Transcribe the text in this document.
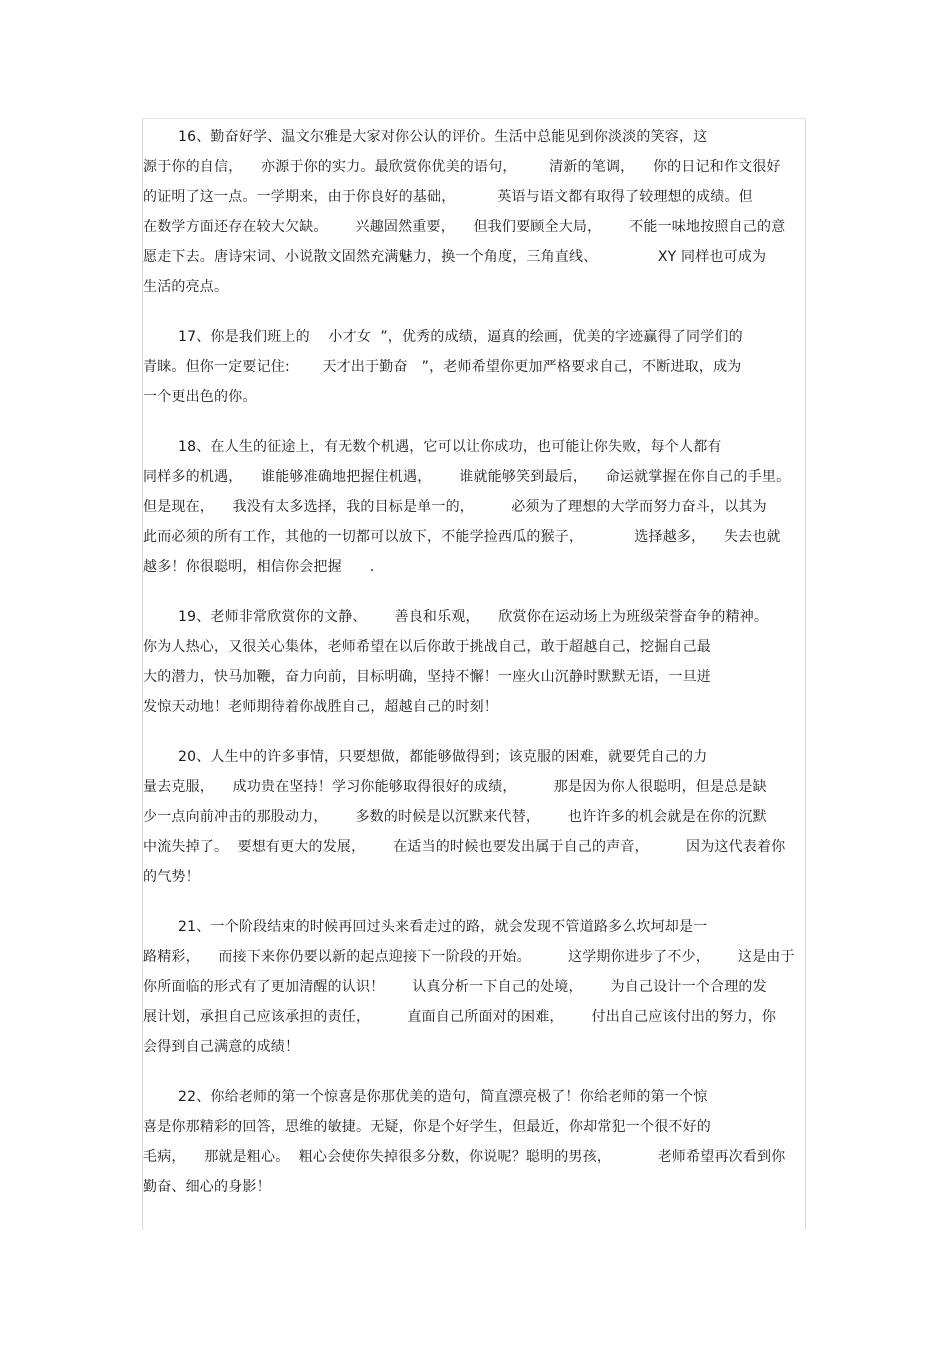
16、勤奋好学、温文尔雅是大家对你公认的评价。生活中总能见到你淡淡的笑容，这
源于你的自信，    亦源于你的实力。最欣赏你优美的语句，       清新的笔调，    你的日记和作文很好
的证明了这一点。一学期来，由于你良好的基础，         英语与语文都有取得了较理想的成绩。但
在数学方面还存在较大欠缺。      兴趣固然重要，    但我们要顾全大局，      不能一味地按照自己的意
愿走下去。唐诗宋词、小说散文固然充满魅力，换一个角度，三角直线、             XY 同样也可成为
生活的亮点。
17、你是我们班上的    小才女  ”，优秀的成绩，逼真的绘画，优美的字迹赢得了同学们的
青睐。但你一定要记住:       天才出于勤奋   ”，老师希望你更加严格要求自己，不断进取，成为
一个更出色的你。
18、在人生的征途上，有无数个机遇，它可以让你成功，也可能让你失败，每个人都有
同样多的机遇，    谁能够准确地把握住机遇，      谁就能够笑到最后，    命运就掌握在你自己的手里。
但是现在，    我没有太多选择，我的目标是单一的，        必须为了理想的大学而努力奋斗，以其为
此而必须的所有工作，其他的一切都可以放下，不能学捡西瓜的猴子，           选择越多，    失去也就
越多！你很聪明，相信你会把握      .
19、老师非常欣赏你的文静、      善良和乐观，    欣赏你在运动场上为班级荣誉奋争的精神。
你为人热心，又很关心集体，老师希望在以后你敢于挑战自己，敢于超越自己，挖掘自己最
大的潜力，快马加鞭，奋力向前，目标明确，坚持不懈！一座火山沉静时默默无语，一旦迸
发惊天动地！老师期待着你战胜自己，超越自己的时刻！
20、人生中的许多事情，只要想做，都能够做得到；该克服的困难，就要凭自己的力
量去克服，    成功贵在坚持！学习你能够取得很好的成绩，        那是因为你人很聪明，但是总是缺
少一点向前冲击的那股动力，      多数的时候是以沉默来代替，      也许许多的机会就是在你的沉默
中流失掉了。  要想有更大的发展，      在适当的时候也要发出属于自己的声音，        因为这代表着你
的气势！
21、一个阶段结束的时候再回过头来看走过的路，就会发现不管道路多么坎坷却是一
路精彩，    而接下来你仍要以新的起点迎接下一阶段的开始。        这学期你进步了不少，      这是由于
你所面临的形式有了更加清醒的认识！      认真分析一下自己的处境，      为自己设计一个合理的发
展计划，承担自己应该承担的责任，        直面自己所面对的困难，      付出自己应该付出的努力，你
会得到自己满意的成绩！
22、你给老师的第一个惊喜是你那优美的造句，简直漂亮极了！你给老师的第一个惊
喜是你那精彩的回答，思维的敏捷。无疑，你是个好学生，但最近，你却常犯一个很不好的
毛病，    那就是粗心。  粗心会使你失掉很多分数，你说呢？聪明的男孩，          老师希望再次看到你
勤奋、细心的身影！
